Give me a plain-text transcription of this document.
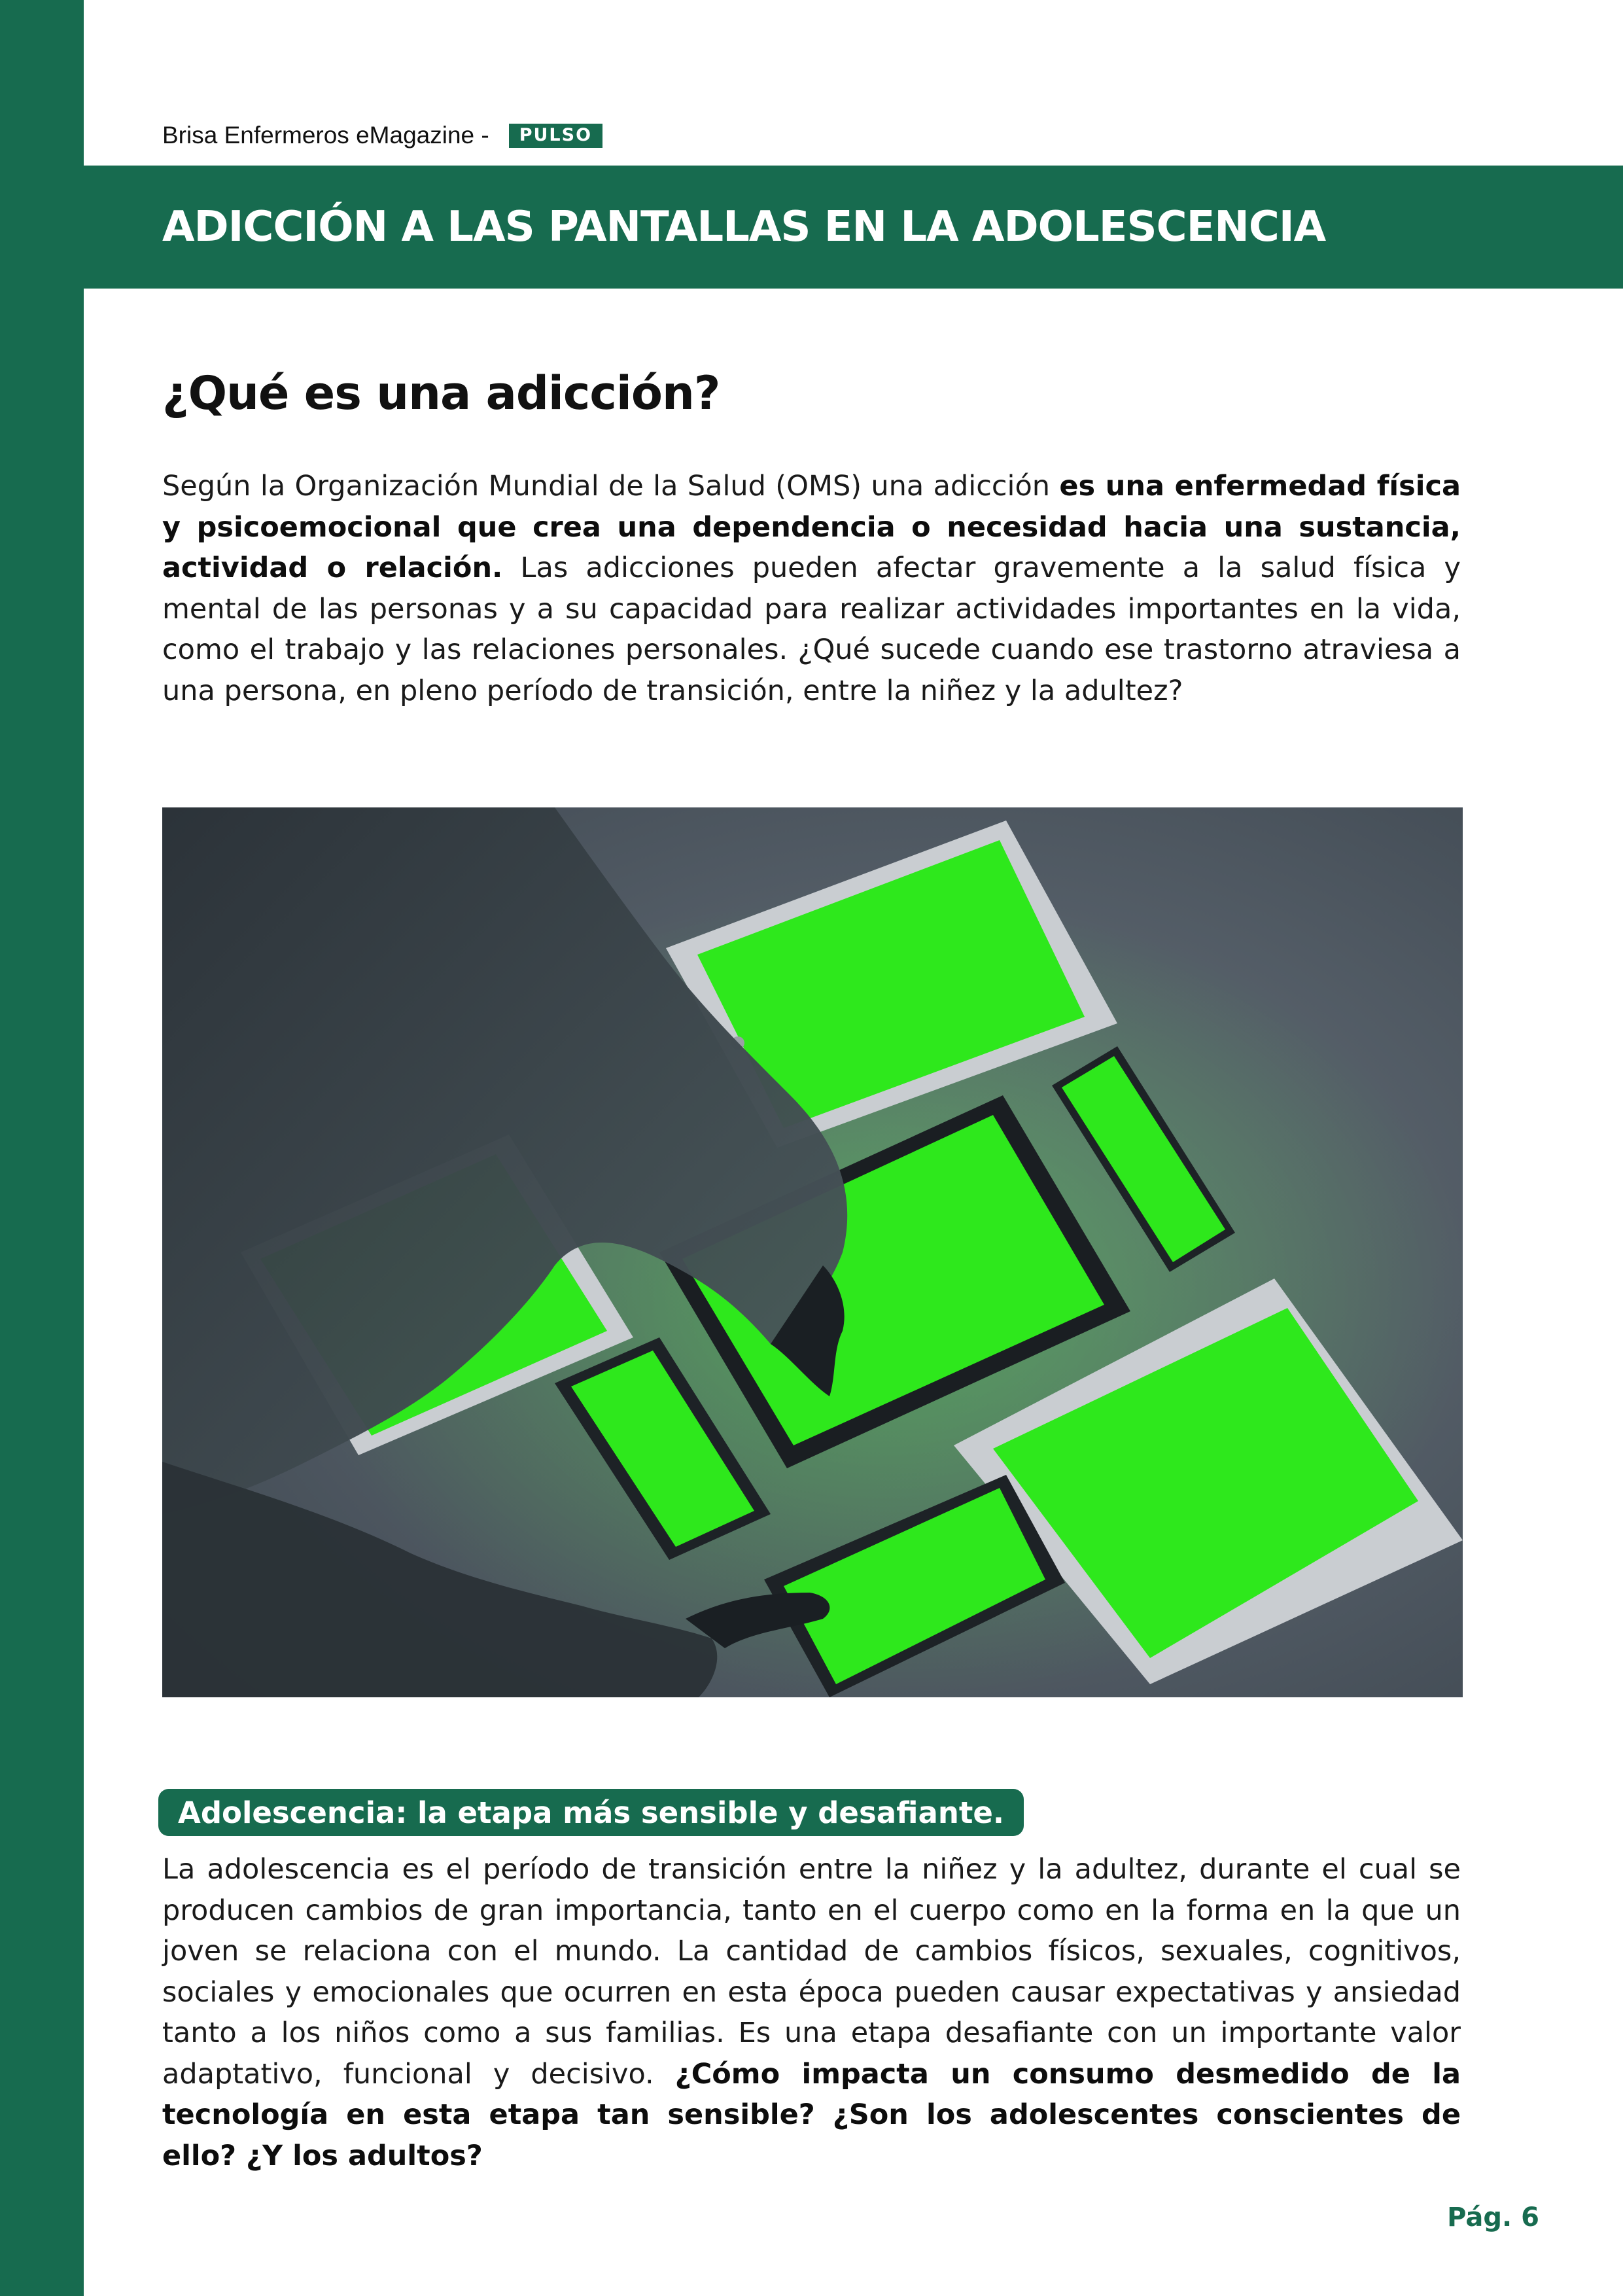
Brisa Enfermeros eMagazine -	PULSO
ADICCIÓN A LAS PANTALLAS EN LA ADOLESCENCIA
¿Qué es una adicción?

Según la Organización Mundial de la Salud (OMS) una adicción es una enfermedad física y psicoemocional que crea una dependencia o necesidad hacia una sustancia, actividad o relación. Las adicciones pueden afectar gravemente a la salud física y mental de las personas y a su capacidad para realizar actividades importantes en la vida, como el trabajo y las relaciones personales. ¿Qué sucede cuando ese trastorno atraviesa a una persona, en pleno período de transición, entre la niñez y la adultez?

Adolescencia: la etapa más sensible y desafiante.

La adolescencia es el período de transición entre la niñez y la adultez, durante el cual se producen cambios de gran importancia, tanto en el cuerpo como en la forma en la que un joven se relaciona con el mundo. La cantidad de cambios físicos, sexuales, cognitivos, sociales y emocionales que ocurren en esta época pueden causar expectativas y ansiedad tanto a los niños como a sus familias. Es una etapa desafiante con un importante valor adaptativo, funcional y decisivo. ¿Cómo impacta un consumo desmedido de la tecnología en esta etapa tan sensible? ¿Son los adolescentes conscientes de ello? ¿Y los adultos?

Pág. 6
